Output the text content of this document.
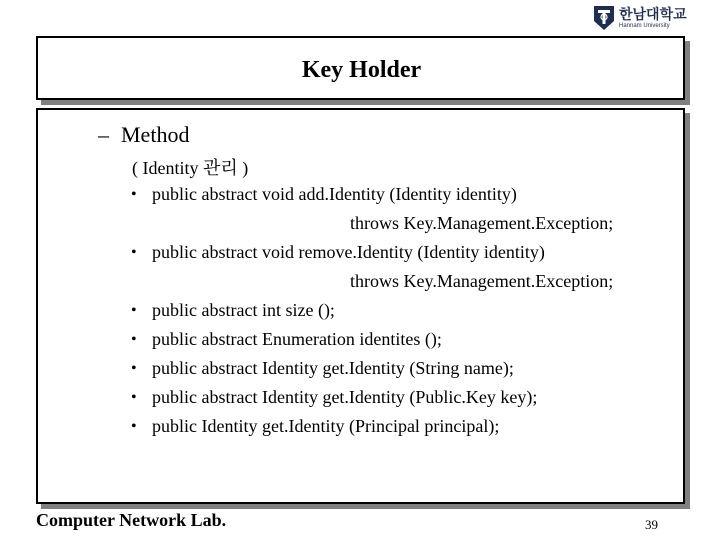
한남대학교
Hannam University
Key Holder
– Method
( Identity 관리 )
• public abstract void add.Identity (Identity identity)
throws Key.Management.Exception;
• public abstract void remove.Identity (Identity identity)
throws Key.Management.Exception;
• public abstract int size ();
• public abstract Enumeration identites ();
• public abstract Identity get.Identity (String name);
• public abstract Identity get.Identity (Public.Key key);
• public Identity get.Identity (Principal principal);
Computer Network Lab.	39
